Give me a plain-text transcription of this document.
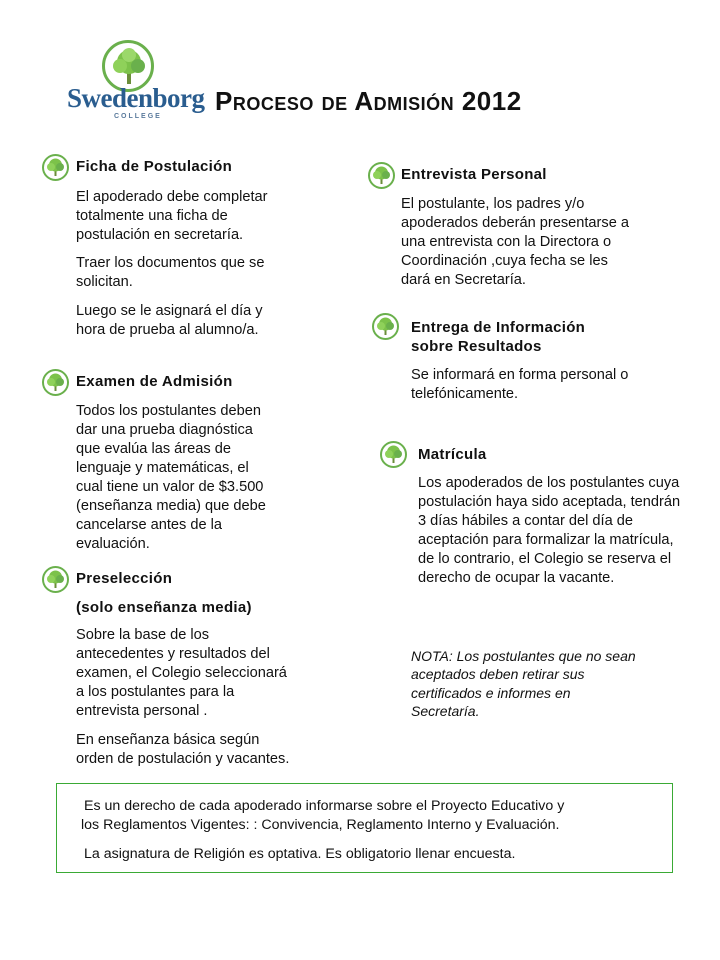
Swedenborg
COLLEGE
Proceso de Admisión 2012
Ficha de Postulación
El apoderado debe completar
totalmente una ficha de
postulación en secretaría.
Traer los documentos que se
solicitan.
Luego se le asignará el día y
hora de prueba al alumno/a.
Examen de Admisión
Todos los postulantes deben
dar una prueba diagnóstica
que evalúa las áreas de
lenguaje y matemáticas, el
cual tiene un valor de $3.500
(enseñanza media) que debe
cancelarse antes de la
evaluación.
Preselección
(solo enseñanza media)
Sobre la base de los
antecedentes y resultados del
examen, el Colegio seleccionará
a los postulantes para la
entrevista personal .
En enseñanza básica según
orden de postulación y vacantes.
Entrevista Personal
El postulante, los padres y/o
apoderados deberán presentarse a
una entrevista con la Directora o
Coordinación ,cuya fecha se les
dará en Secretaría.
Entrega de Información
sobre Resultados
Se informará en forma personal o
telefónicamente.
Matrícula
Los apoderados de los postulantes cuya
postulación haya sido aceptada, tendrán
3 días hábiles a contar del día de
aceptación para formalizar la matrícula,
de lo contrario, el Colegio se reserva el
derecho de ocupar la vacante.
NOTA: Los postulantes que no sean
aceptados deben retirar sus
certificados e informes en
Secretaría.

Es un derecho de cada apoderado informarse sobre el Proyecto Educativo y

los Reglamentos Vigentes: : Convivencia, Reglamento Interno y Evaluación.

La asignatura de Religión es optativa. Es obligatorio llenar encuesta.
